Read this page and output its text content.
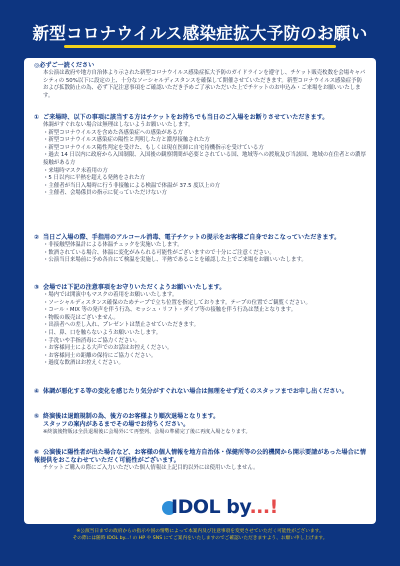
新型コロナウイルス感染症拡大予防のお願い
◎必ずご一読ください
本公演は政府や地方自治体より示された新型コロナウイルス感染症拡大予防のガイドラインを遵守し、チケット販売枚数を会場キャパシティの 50%以下に設定の上、十分なソーシャルディスタンスを確保して開催させていただきます。新型コロナウイルス感染症予防および拡散防止の為、必ず下記注意事項をご確認いただき予めご了承いただいた上でチケットのお申込み・ご来場をお願いいたします。
① ご来場時、以下の事項に該当する方はチケットをお持ちでも当日のご入場をお断りさせていただきます。
体調がすぐれない場合は無理はしないようお願いいたします。
・ 新型コロナウイルスを含めた各感染症への感染がある方
・ 新型コロナウイルス感染症の陽性と判明した方と濃厚接触された方
・ 新型コロナウイルス陽性判定を受けた、もしくは現在医師に自宅待機指示を受けている方
・ 過去 14 日以内に政府から入国制限、入国後の観察期間が必要とされている国、地域等への渡航及び当該国、地域の在住者との濃厚接触がある方
・ 来場時マスク未着用の方
・ 5 日以内に平熱を超える発熱をされた方
・ 主催者が当日入場時に行う非接触による検温で体温が 37.5 度以上の方
・ 主催者、会場係員の指示に従っていただけない方
② 当日ご入場の際、手指用のアルコール消毒、電子チケットの提示をお客様ご自身でおこなっていただきます。
・ 非接触型体温計による体温チェックを実施いたします。
・ 飲酒されている場合、体温に変化がみられる可能性がございますので十分にご注意ください。
・ 公演当日来場前に予め各自にて検温を実施し、平熱であることを確認した上でご来場をお願いいたします。
③ 会場では下記の注意事項をお守りいただくようお願いいたします。
・ 場内では開演中もマスクの着用をお願いいたします。
・ ソーシャルディスタンス確保のためテープで立ち位置を指定しております。テープの位置でご観覧ください。
・ コール・MIX 等の発声を伴う行為、モッシュ・リフト・ダイブ等の接触を伴う行為は禁止となります。
・ 物販の販売はございません。
・ 出演者への差し入れ、プレゼントは禁止させていただきます。
・ 目、鼻、口を触らないようお願いいたします。
・ 手洗いや手指消毒にご協力ください。
・ お客様同士による大声でのお話はお控えください。
・ お客様同士の距離の保持にご協力ください。
・ 過度な飲酒はお控えください。
④ 体調が悪化する等の変化を感じたり気分がすぐれない場合は無理をせず近くのスタッフまでお申し出ください。
⑤ 終演後は退館規制の為、後方のお客様より順次退場となります。
スタッフの案内があるまでその場でお待ちください。
※終演後物販は全員退場後に会場外にて再整列、会場の準備完了後に再度入場となります。
⑥ 公演後に陽性者が出た場合など、お客様の個人情報を地方自治体・保健所等の公的機関から開示要請があった場合に情報提供をおこなわせていただく可能性がございます。
チケットご購入の際にご入力いただいた個人情報は上記目的以外には使用いたしません。
IDOL by...!
※公演当日までの政府からの指示や国の情勢によって本案内及び注意事項を変更させていただく可能性がございます。
その際には随時 IDOL by...! の HP や SNS にてご案内をいたしますのでご確認いただきますよう、お願い申し上げます。
